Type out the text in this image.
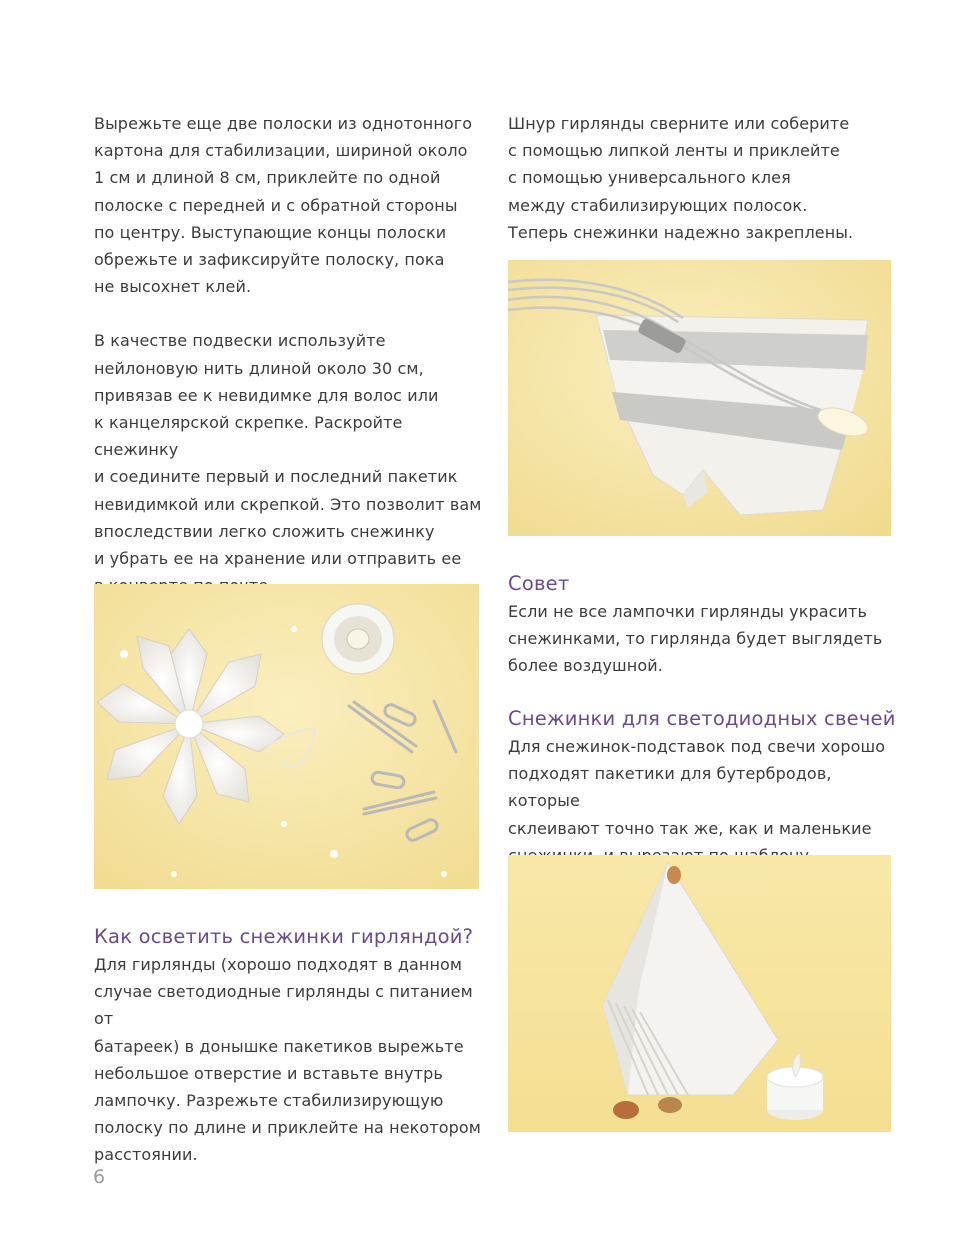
Вырежьте еще две полоски из однотонного
картона для стабилизации, шириной около
1 см и длиной 8 см, приклейте по одной
полоске с передней и с обратной стороны
по центру. Выступающие концы полоски
обрежьте и зафиксируйте полоску, пока
не высохнет клей.

В качестве подвески используйте
нейлоновую нить длиной около 30 см,
привязав ее к невидимке для волос или
к канцелярской скрепке. Раскройте снежинку
и соедините первый и последний пакетик
невидимкой или скрепкой. Это позволит вам
впоследствии легко сложить снежинку
и убрать ее на хранение или отправить ее

Как осветить снежинки гирляндой?

Для гирлянды (хорошо подходят в данном
случае светодиодные гирлянды с питанием от
батареек) в донышке пакетиков вырежьте
небольшое отверстие и вставьте внутрь
лампочку. Разрежьте стабилизирующую
полоску по длине и приклейте на некотором
расстоянии.

Шнур гирлянды сверните или соберите
с помощью липкой ленты и приклейте
с помощью универсального клея
между стабилизирующих полосок.
Теперь снежинки надежно закреплены.

Совет

Если не все лампочки гирлянды украсить
снежинками, то гирлянда будет выглядеть
более воздушной.

Снежинки для светодиодных свечей

Для снежинок-подставок под свечи хорошо
подходят пакетики для бутербродов, которые
склеивают точно так же, как и маленькие

6
